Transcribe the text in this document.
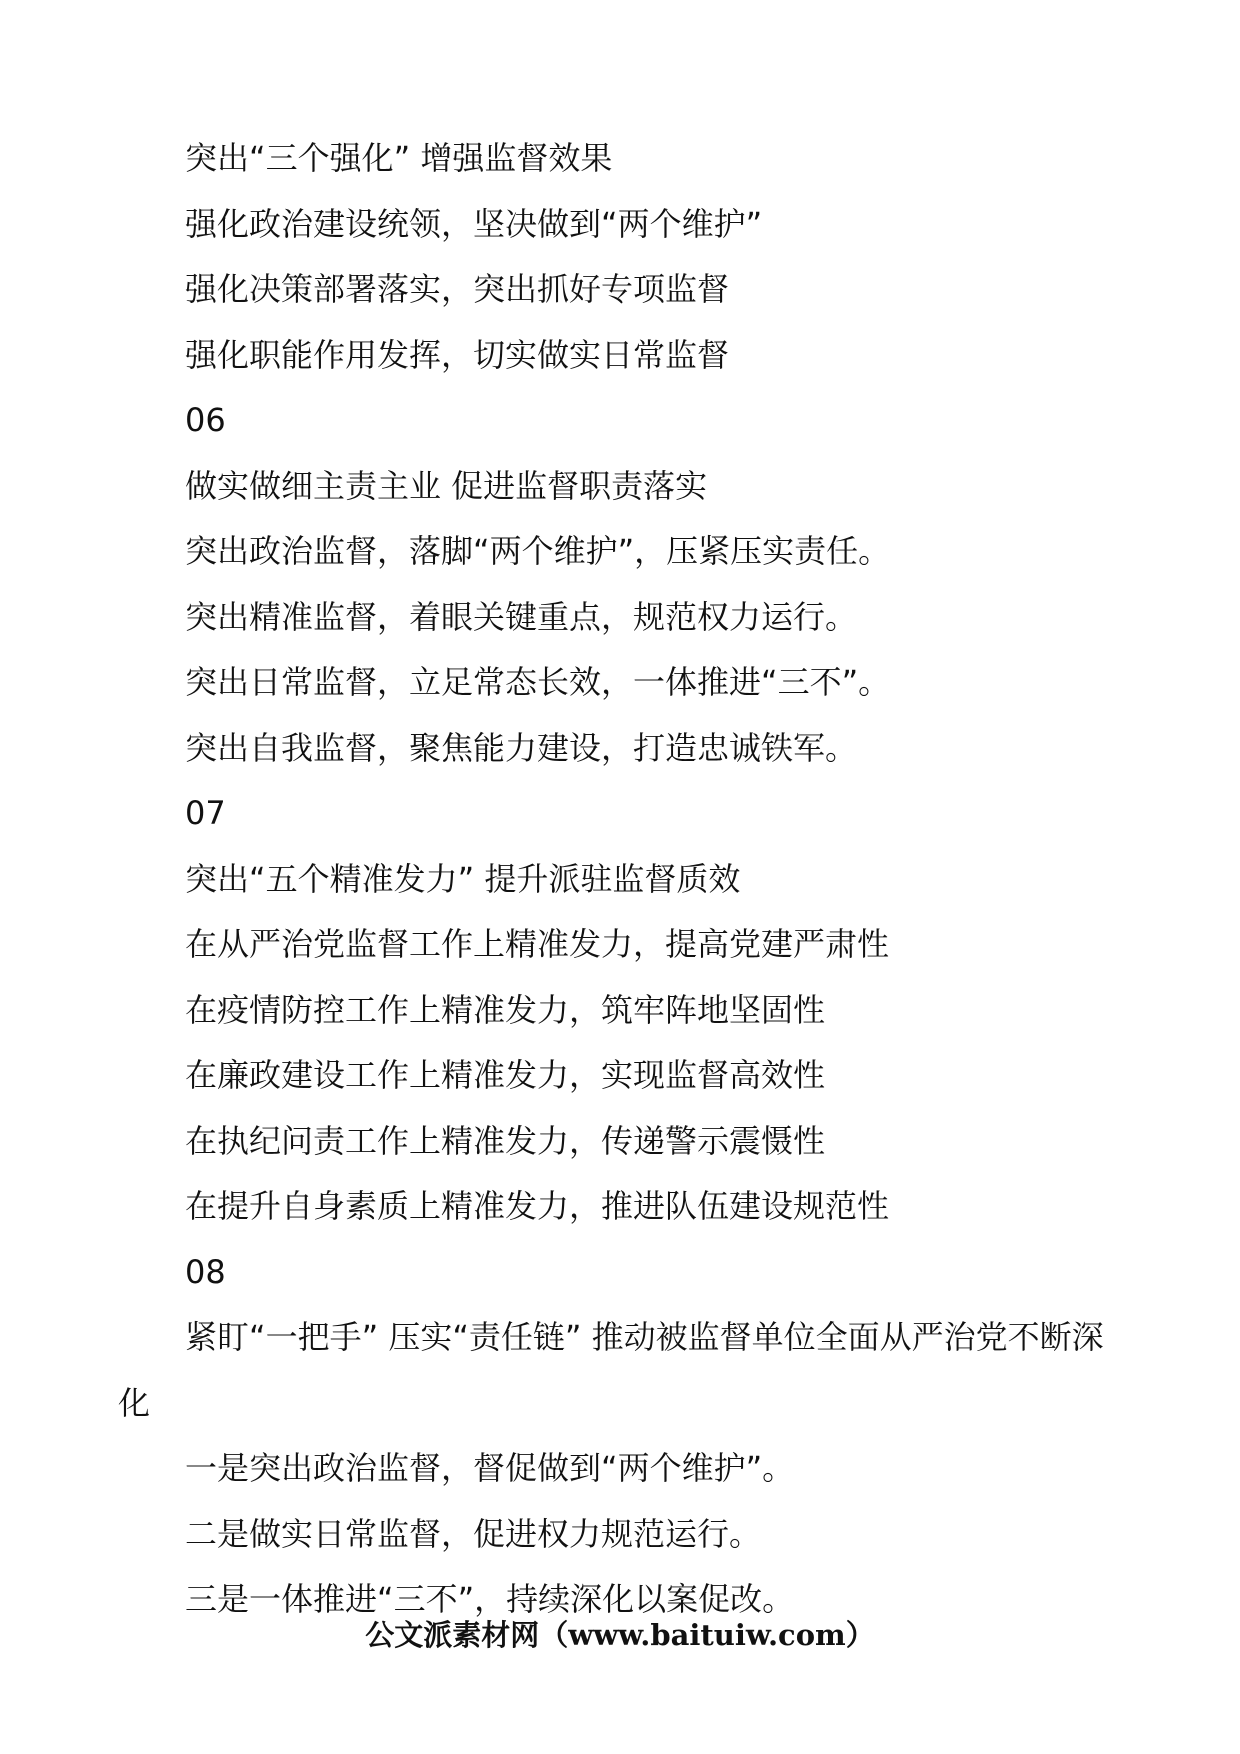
突出“三个强化” 增强监督效果
强化政治建设统领，坚决做到“两个维护”
强化决策部署落实，突出抓好专项监督
强化职能作用发挥，切实做实日常监督
06
做实做细主责主业 促进监督职责落实
突出政治监督，落脚“两个维护”，压紧压实责任。
突出精准监督，着眼关键重点，规范权力运行。
突出日常监督，立足常态长效，一体推进“三不”。
突出自我监督，聚焦能力建设，打造忠诚铁军。
07
突出“五个精准发力” 提升派驻监督质效
在从严治党监督工作上精准发力，提高党建严肃性
在疫情防控工作上精准发力，筑牢阵地坚固性
在廉政建设工作上精准发力，实现监督高效性
在执纪问责工作上精准发力，传递警示震慑性
在提升自身素质上精准发力，推进队伍建设规范性
08
紧盯“一把手” 压实“责任链” 推动被监督单位全面从严治党不断深化
一是突出政治监督，督促做到“两个维护”。
二是做实日常监督，促进权力规范运行。
三是一体推进“三不”，持续深化以案促改。
公文派素材网（www.baituiw.com）
